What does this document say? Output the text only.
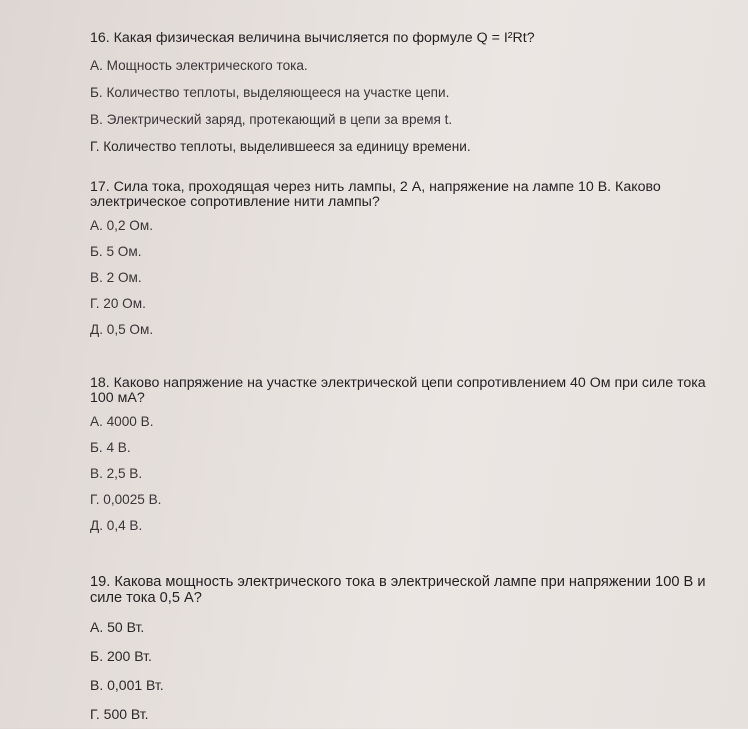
16. Какая физическая величина вычисляется по формуле Q = I²Rt?

А. Мощность электрического тока.
Б. Количество теплоты, выделяющееся на участке цепи.
В. Электрический заряд, протекающий в цепи за время t.
Г. Количество теплоты, выделившееся за единицу времени.

17. Сила тока, проходящая через нить лампы, 2 А, напряжение на лампе 10 В. Каково электрическое сопротивление нити лампы?

А. 0,2 Ом.
Б. 5 Ом.
В. 2 Ом.
Г. 20 Ом.
Д. 0,5 Ом.

18. Каково напряжение на участке электрической цепи сопротивлением 40 Ом при силе тока 100 мА?

А. 4000 В.
Б. 4 В.
В. 2,5 В.
Г. 0,0025 В.
Д. 0,4 В.

19. Какова мощность электрического тока в электрической лампе при напряжении 100 В и силе тока 0,5 А?

А. 50 Вт.
Б. 200 Вт.
В. 0,001 Вт.
Г. 500 Вт.
